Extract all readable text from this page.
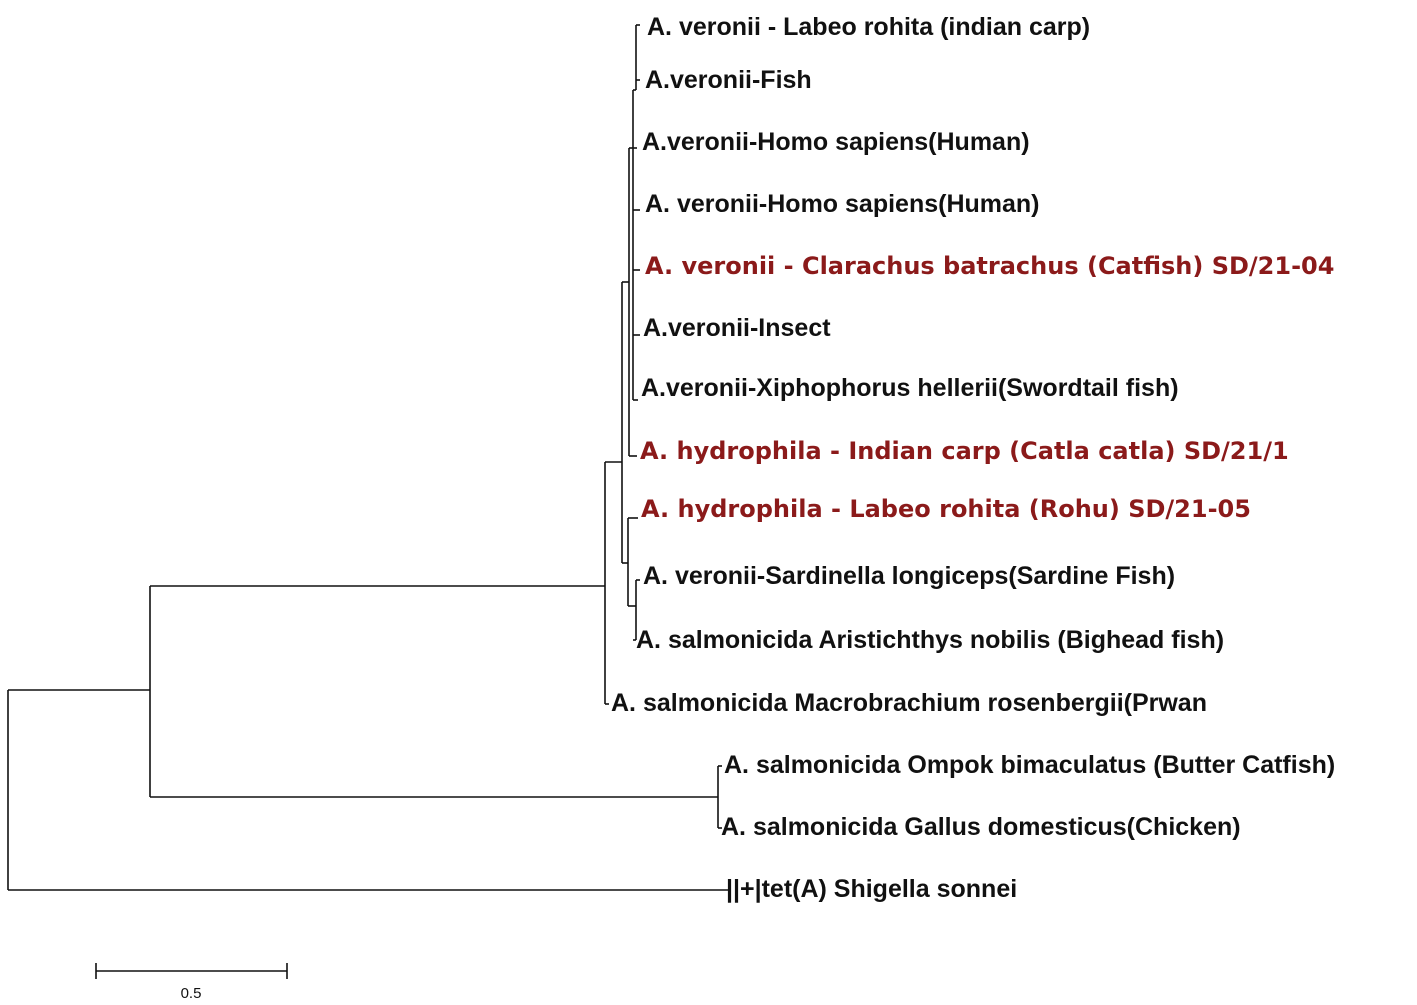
A. veronii - Labeo rohita (indian carp)
A.veronii-Fish
A.veronii-Homo sapiens(Human)
A. veronii-Homo sapiens(Human)
A. veronii - Clarachus batrachus (Catfish) SD/21-04
A.veronii-Insect
A.veronii-Xiphophorus hellerii(Swordtail fish)
A. hydrophila - Indian carp (Catla catla) SD/21/1
A. hydrophila - Labeo rohita (Rohu) SD/21-05
A. veronii-Sardinella longiceps(Sardine Fish)
A. salmonicida Aristichthys nobilis (Bighead fish)
A. salmonicida Macrobrachium rosenbergii(Prwan
A. salmonicida Ompok bimaculatus (Butter Catfish)
A. salmonicida Gallus domesticus(Chicken)
||+|tet(A) Shigella sonnei
0.5
